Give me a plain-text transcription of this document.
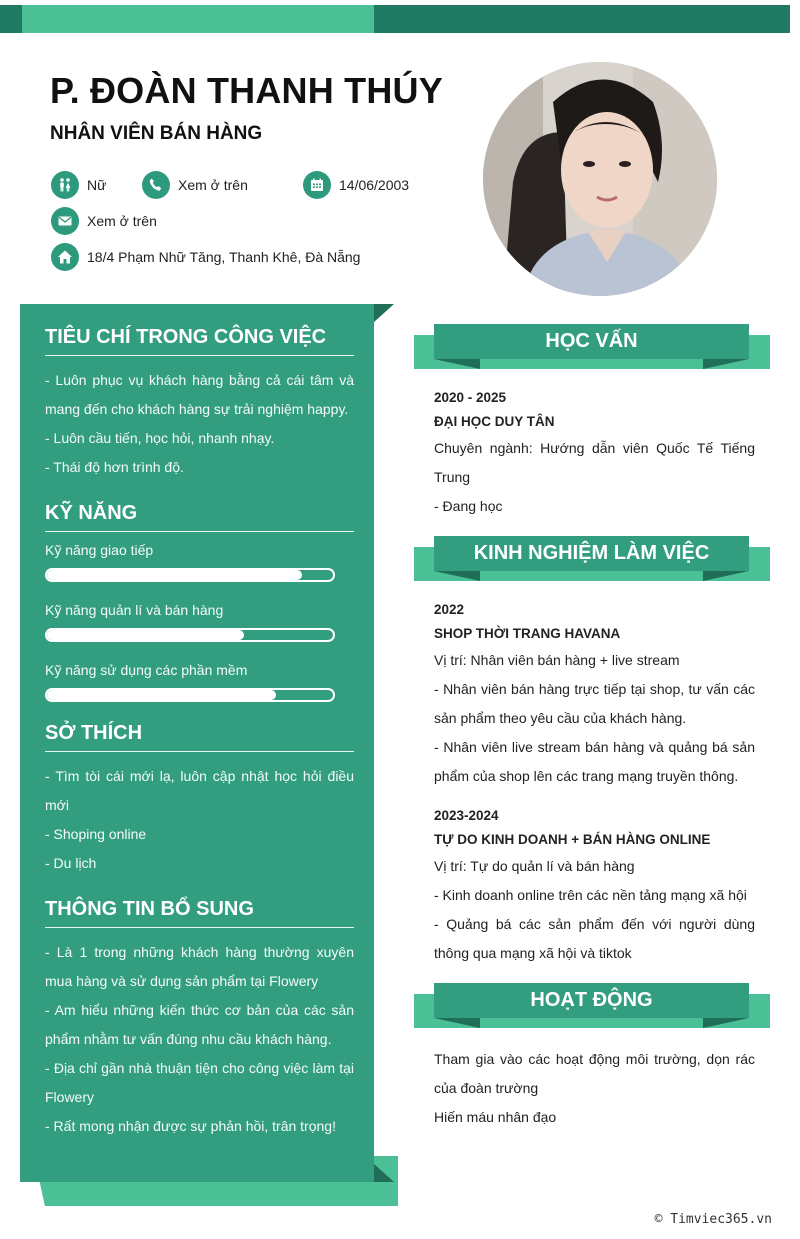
P. ĐOÀN THANH THÚY
NHÂN VIÊN BÁN HÀNG
Nữ	Xem ở trên	14/06/2003
Xem ở trên
18/4 Phạm Nhữ Tăng, Thanh Khê, Đà Nẵng
TIÊU CHÍ TRONG CÔNG VIỆC

- Luôn phục vụ khách hàng bằng cả cái tâm và mang đến cho khách hàng sự trải nghiệm happy.

- Luôn cầu tiến, học hỏi, nhanh nhạy.

- Thái độ hơn trình độ.

KỸ NĂNG
Kỹ năng giao tiếp
Kỹ năng quản lí và bán hàng
Kỹ năng sử dụng các phần mềm
SỞ THÍCH

- Tìm tòi cái mới lạ, luôn cập nhật học hỏi điều mới

- Shoping online

- Du lịch

THÔNG TIN BỔ SUNG

- Là 1 trong những khách hàng thường xuyên mua hàng và sử dụng sản phẩm tại Flowery

- Am hiểu những kiến thức cơ bản của các sản phẩm nhằm tư vấn đúng nhu cầu khách hàng.

- Địa chỉ gần nhà thuận tiện cho công việc làm tại Flowery

- Rất mong nhận được sự phản hồi, trân trọng!

HỌC VẤN
2020 - 2025
ĐẠI HỌC DUY TÂN

Chuyên ngành: Hướng dẫn viên Quốc Tế Tiếng Trung

- Đang học

KINH NGHIỆM LÀM VIỆC
2022
SHOP THỜI TRANG HAVANA

Vị trí: Nhân viên bán hàng + live stream

- Nhân viên bán hàng trực tiếp tại shop, tư vấn các sản phẩm theo yêu cầu của khách hàng.

- Nhân viên live stream bán hàng và quảng bá sản phẩm của shop lên các trang mạng truyền thông.

2023-2024
TỰ DO KINH DOANH + BÁN HÀNG ONLINE

Vị trí: Tự do quản lí và bán hàng

- Kinh doanh online trên các nền tảng mạng xã hội

- Quảng bá các sản phẩm đến với người dùng thông qua mạng xã hội và tiktok

HOẠT ĐỘNG

Tham gia vào các hoạt động môi trường, dọn rác của đoàn trường

Hiến máu nhân đạo

© Timviec365.vn
